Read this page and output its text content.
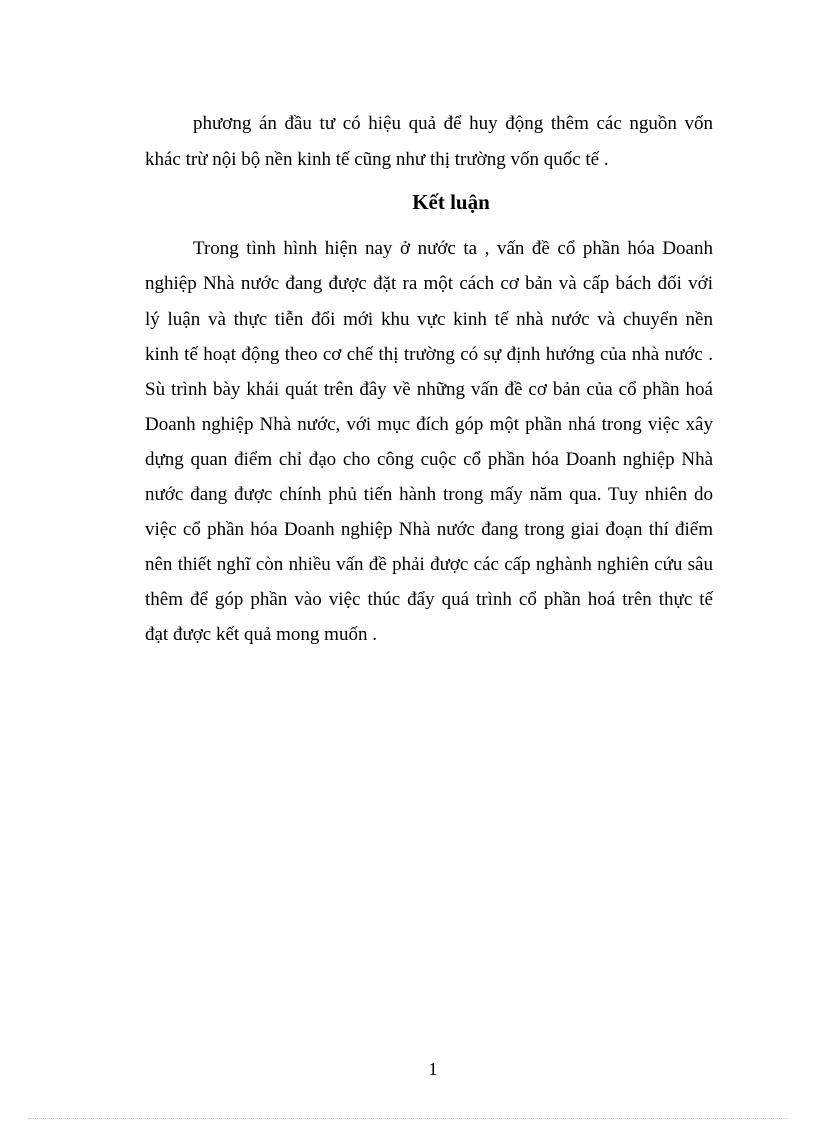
phương án đầu tư có hiệu quả để huy động thêm các nguồn vốn
khác trừ nội bộ nền kinh tế cũng như thị trường vốn quốc tế .
Kết luận
Trong tình hình hiện nay ở nước ta , vấn đề cổ phần hóa Doanh
nghiệp Nhà nước đang được đặt ra một cách cơ bản và cấp bách đối với
lý luận và thực tiễn đổi mới khu vực kinh tế nhà nước và chuyển nền
kinh tế hoạt động theo cơ chế thị trường có sự định hướng của nhà nước .
Sù trình bày khái quát trên đây về những vấn đề cơ bản của cổ phần hoá
Doanh nghiệp Nhà nước, với mục đích góp một phần nhá trong việc xây
dựng quan điểm chỉ đạo cho công cuộc cổ phần hóa Doanh nghiệp Nhà
nước đang được chính phủ tiến hành trong mấy năm qua. Tuy nhiên do
việc cổ phần hóa Doanh nghiệp Nhà nước đang trong giai đoạn thí điểm
nên thiết nghĩ còn nhiều vấn đề phải được các cấp nghành nghiên cứu sâu
thêm để góp phần vào việc thúc đẩy quá trình cổ phần hoá trên thực tế
đạt được kết quả mong muốn .
1
